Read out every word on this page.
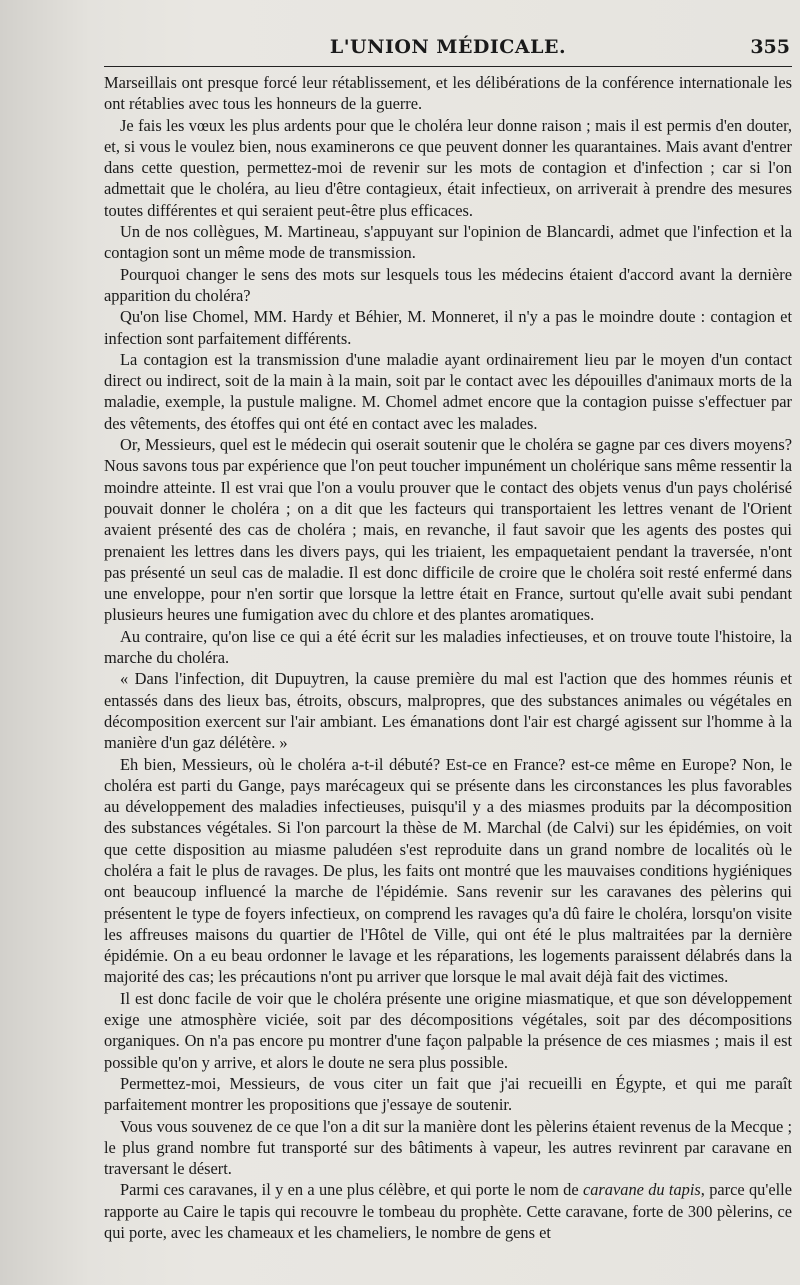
L'UNION MÉDICALE.	355

Marseillais ont presque forcé leur rétablissement, et les délibérations de la conférence internationale les ont rétablies avec tous les honneurs de la guerre.

Je fais les vœux les plus ardents pour que le choléra leur donne raison ; mais il est permis d'en douter, et, si vous le voulez bien, nous examinerons ce que peuvent donner les quarantaines. Mais avant d'entrer dans cette question, permettez-moi de revenir sur les mots de contagion et d'infection ; car si l'on admettait que le choléra, au lieu d'être contagieux, était infectieux, on arriverait à prendre des mesures toutes différentes et qui seraient peut-être plus efficaces.

Un de nos collègues, M. Martineau, s'appuyant sur l'opinion de Blancardi, admet que l'infection et la contagion sont un même mode de transmission.

Pourquoi changer le sens des mots sur lesquels tous les médecins étaient d'accord avant la dernière apparition du choléra?

Qu'on lise Chomel, MM. Hardy et Béhier, M. Monneret, il n'y a pas le moindre doute : contagion et infection sont parfaitement différents.

La contagion est la transmission d'une maladie ayant ordinairement lieu par le moyen d'un contact direct ou indirect, soit de la main à la main, soit par le contact avec les dépouilles d'animaux morts de la maladie, exemple, la pustule maligne. M. Chomel admet encore que la contagion puisse s'effectuer par des vêtements, des étoffes qui ont été en contact avec les malades.

Or, Messieurs, quel est le médecin qui oserait soutenir que le choléra se gagne par ces divers moyens? Nous savons tous par expérience que l'on peut toucher impunément un cholérique sans même ressentir la moindre atteinte. Il est vrai que l'on a voulu prouver que le contact des objets venus d'un pays cholérisé pouvait donner le choléra ; on a dit que les facteurs qui transportaient les lettres venant de l'Orient avaient présenté des cas de choléra ; mais, en revanche, il faut savoir que les agents des postes qui prenaient les lettres dans les divers pays, qui les triaient, les empaquetaient pendant la traversée, n'ont pas présenté un seul cas de maladie. Il est donc difficile de croire que le choléra soit resté enfermé dans une enveloppe, pour n'en sortir que lorsque la lettre était en France, surtout qu'elle avait subi pendant plusieurs heures une fumigation avec du chlore et des plantes aromatiques.

Au contraire, qu'on lise ce qui a été écrit sur les maladies infectieuses, et on trouve toute l'histoire, la marche du choléra.

« Dans l'infection, dit Dupuytren, la cause première du mal est l'action que des hommes réunis et entassés dans des lieux bas, étroits, obscurs, malpropres, que des substances animales ou végétales en décomposition exercent sur l'air ambiant. Les émanations dont l'air est chargé agissent sur l'homme à la manière d'un gaz délétère. »

Eh bien, Messieurs, où le choléra a-t-il débuté? Est-ce en France? est-ce même en Europe? Non, le choléra est parti du Gange, pays marécageux qui se présente dans les circonstances les plus favorables au développement des maladies infectieuses, puisqu'il y a des miasmes produits par la décomposition des substances végétales. Si l'on parcourt la thèse de M. Marchal (de Calvi) sur les épidémies, on voit que cette disposition au miasme paludéen s'est reproduite dans un grand nombre de localités où le choléra a fait le plus de ravages. De plus, les faits ont montré que les mauvaises conditions hygiéniques ont beaucoup influencé la marche de l'épidémie. Sans revenir sur les caravanes des pèlerins qui présentent le type de foyers infectieux, on comprend les ravages qu'a dû faire le choléra, lorsqu'on visite les affreuses maisons du quartier de l'Hôtel de Ville, qui ont été le plus maltraitées par la dernière épidémie. On a eu beau ordonner le lavage et les réparations, les logements paraissent délabrés dans la majorité des cas; les précautions n'ont pu arriver que lorsque le mal avait déjà fait des victimes.

Il est donc facile de voir que le choléra présente une origine miasmatique, et que son développement exige une atmosphère viciée, soit par des décompositions végétales, soit par des décompositions organiques. On n'a pas encore pu montrer d'une façon palpable la présence de ces miasmes ; mais il est possible qu'on y arrive, et alors le doute ne sera plus possible.

Permettez-moi, Messieurs, de vous citer un fait que j'ai recueilli en Égypte, et qui me paraît parfaitement montrer les propositions que j'essaye de soutenir.

Vous vous souvenez de ce que l'on a dit sur la manière dont les pèlerins étaient revenus de la Mecque ; le plus grand nombre fut transporté sur des bâtiments à vapeur, les autres revinrent par caravane en traversant le désert.

Parmi ces caravanes, il y en a une plus célèbre, et qui porte le nom de caravane du tapis, parce qu'elle rapporte au Caire le tapis qui recouvre le tombeau du prophète. Cette caravane, forte de 300 pèlerins, ce qui porte, avec les chameaux et les chameliers, le nombre de gens et
